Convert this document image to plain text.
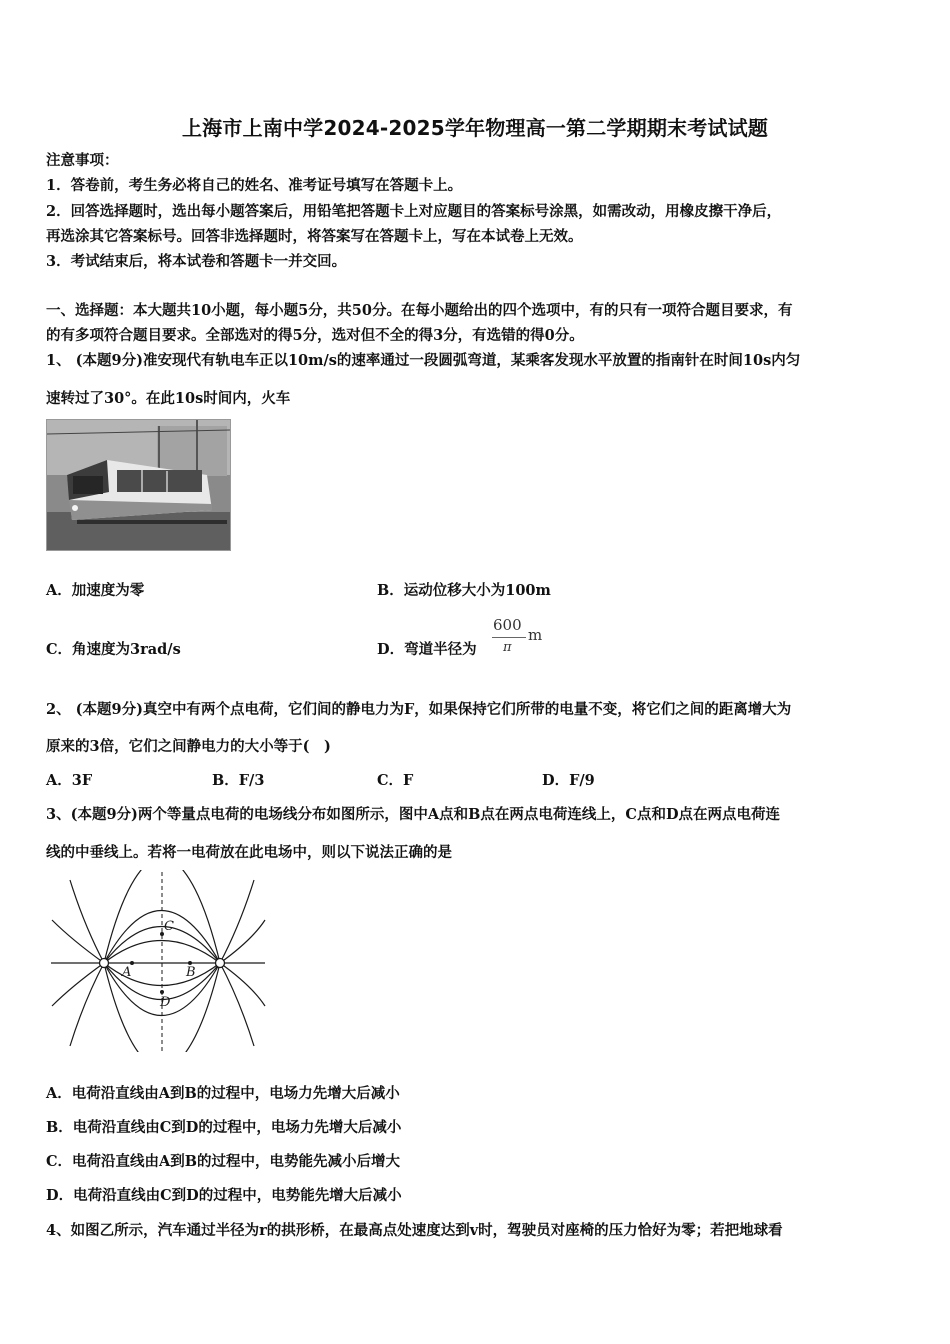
上海市上南中学2024-2025学年物理高一第二学期期末考试试题
注意事项：
1．答卷前，考生务必将自己的姓名、准考证号填写在答题卡上。
2．回答选择题时，选出每小题答案后，用铅笔把答题卡上对应题目的答案标号涂黑，如需改动，用橡皮擦干净后，
再选涂其它答案标号。回答非选择题时，将答案写在答题卡上，写在本试卷上无效。
3．考试结束后，将本试卷和答题卡一并交回。
一、选择题：本大题共10小题，每小题5分，共50分。在每小题给出的四个选项中，有的只有一项符合题目要求，有
的有多项符合题目要求。全部选对的得5分，选对但不全的得3分，有选错的得0分。
1、 (本题9分)准安现代有轨电车正以10m/s的速率通过一段圆弧弯道，某乘客发现水平放置的指南针在时间10s内匀
速转过了30°。在此10s时间内，火车
A．加速度为零	B．运动位移大小为100m
C．角速度为3rad/s	D．弯道半径为
600
π
m
2、 (本题9分)真空中有两个点电荷，它们间的静电力为F，如果保持它们所带的电量不变，将它们之间的距离增大为
原来的3倍，它们之间静电力的大小等于(　)
A．3F	B．F/3	C．F	D．F/9
3、(本题9分)两个等量点电荷的电场线分布如图所示，图中A点和B点在两点电荷连线上，C点和D点在两点电荷连
线的中垂线上。若将一电荷放在此电场中，则以下说法正确的是
C
A	B
D
A．电荷沿直线由A到B的过程中，电场力先增大后减小
B．电荷沿直线由C到D的过程中，电场力先增大后减小
C．电荷沿直线由A到B的过程中，电势能先减小后增大
D．电荷沿直线由C到D的过程中，电势能先增大后减小
4、如图乙所示，汽车通过半径为r的拱形桥，在最高点处速度达到v时，驾驶员对座椅的压力恰好为零；若把地球看
